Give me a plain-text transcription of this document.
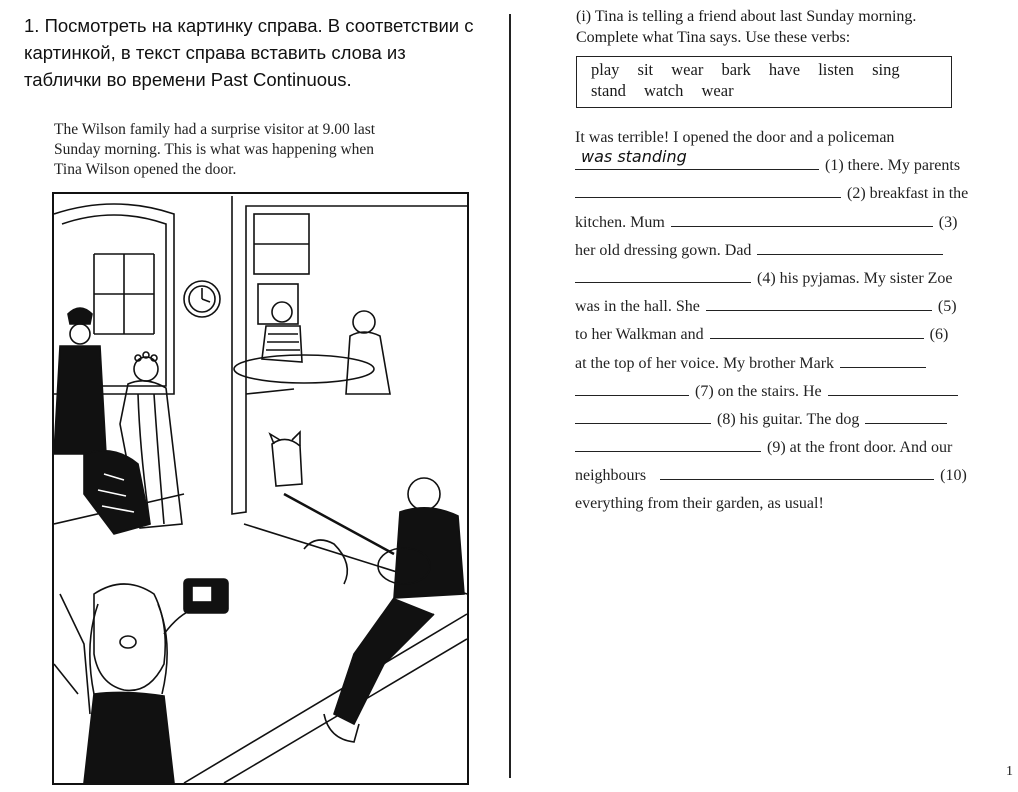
1. Посмотреть на картинку справа. В соответствии с
картинкой, в текст справа вставить слова из
таблички во времени Past Continuous.
The Wilson family had a surprise visitor at 9.00 last
Sunday morning. This is what was happening when
Tina Wilson opened the door.
(i) Tina is telling a friend about last Sunday morning.
Complete what Tina says. Use these verbs:
play sit wear bark have listen sing
stand watch wear
It was terrible! I opened the door and a policeman
was standing	(1) there. My parents
(2) breakfast in the
kitchen. Mum	(3)
her old dressing gown. Dad
(4) his pyjamas. My sister Zoe
was in the hall. She	(5)
to her Walkman and	(6)
at the top of her voice. My brother Mark
(7) on the stairs. He
(8) his guitar. The dog
(9) at the front door. And our
neighbours	(10)
everything from their garden, as usual!
1
